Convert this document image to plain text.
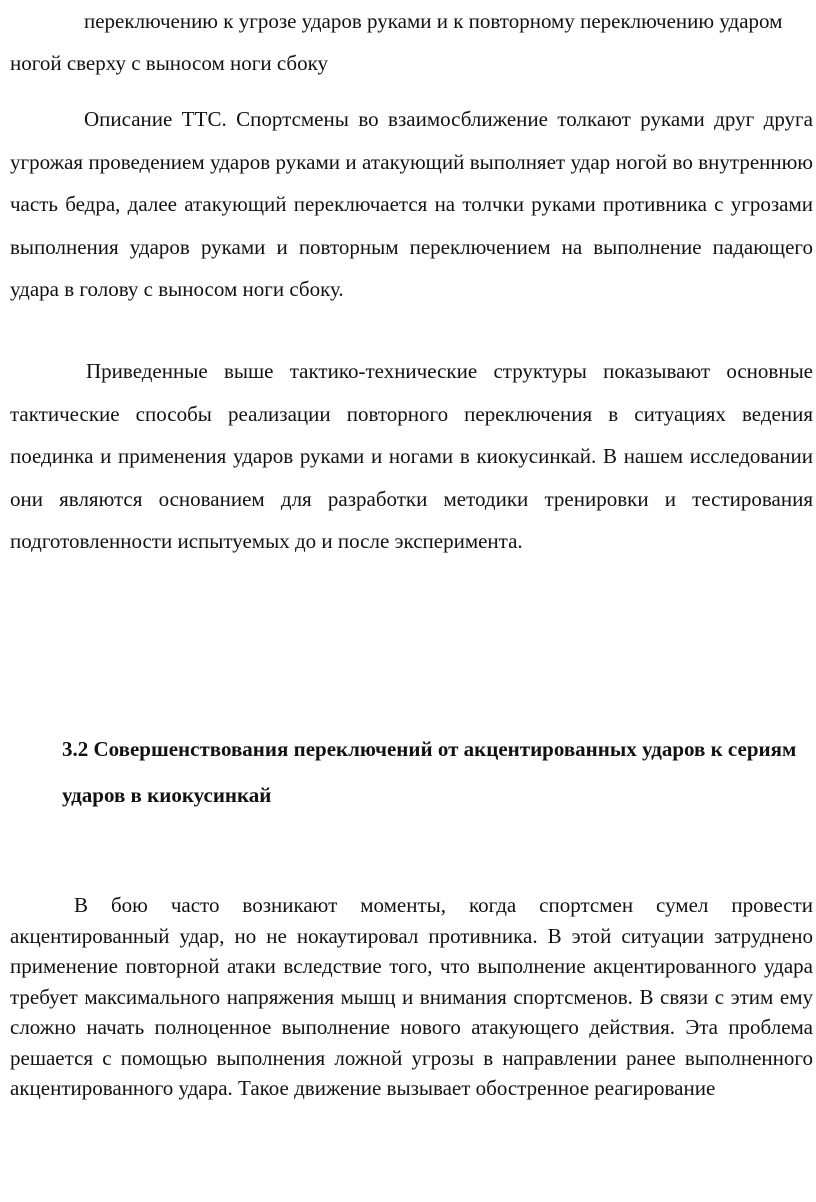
переключению к угрозе ударов руками и к повторному переключению ударом ногой сверху с выносом ноги сбоку

Описание ТТС. Спортсмены во взаимосближение толкают руками друг друга угрожая проведением ударов руками и атакующий выполняет удар ногой во внутреннюю часть бедра, далее атакующий переключается на толчки руками противника с угрозами выполнения ударов руками и повторным переключением на выполнение падающего удара в голову с выносом ноги сбоку.

Приведенные выше тактико-технические структуры показывают основные тактические способы реализации повторного переключения в ситуациях ведения поединка и применения ударов руками и ногами в киокусинкай. В нашем исследовании они являются основанием для разработки методики тренировки и тестирования подготовленности испытуемых до и после эксперимента.

3.2 Совершенствования переключений от акцентированных ударов к сериям ударов в киокусинкай

В бою часто возникают моменты, когда спортсмен сумел провести акцентированный удар, но не нокаутировал противника. В этой ситуации затруднено применение повторной атаки вследствие того, что выполнение акцентированного удара требует максимального напряжения мышц и внимания спортсменов. В связи с этим ему сложно начать полноценное выполнение нового атакующего действия. Эта проблема решается с помощью выполнения ложной угрозы в направлении ранее выполненного акцентированного удара. Такое движение вызывает обостренное реагирование
